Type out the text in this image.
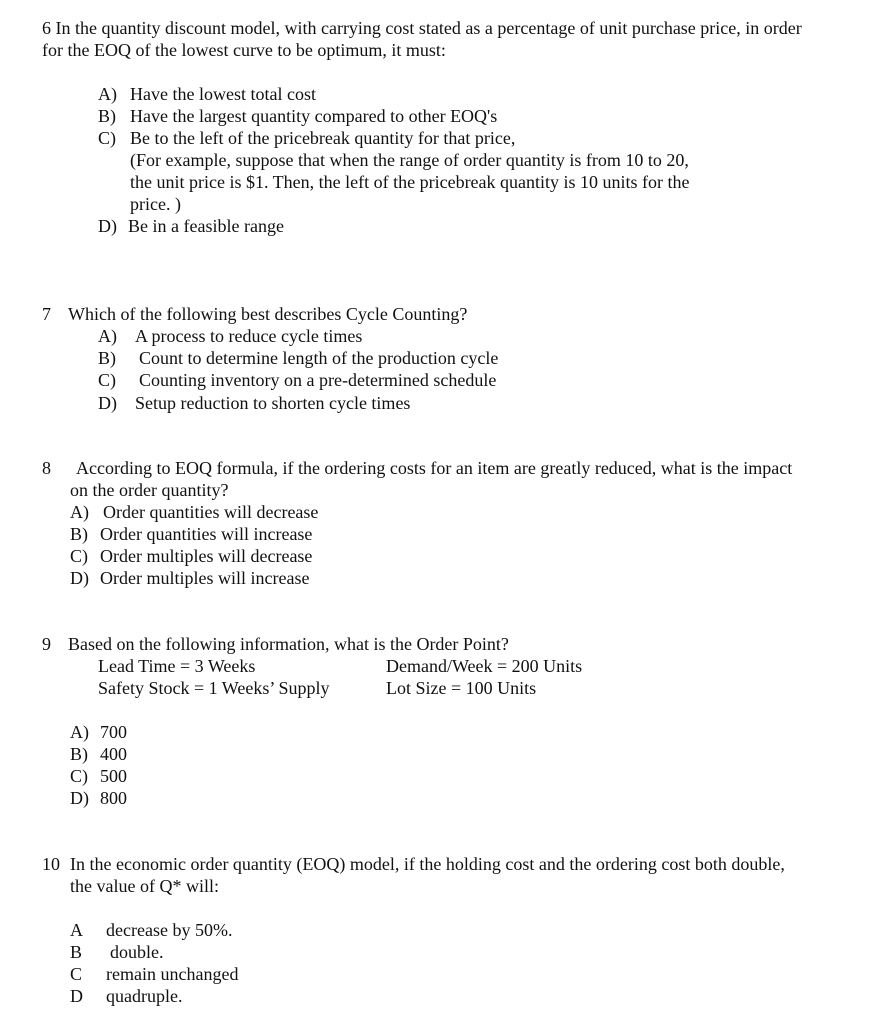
6 In the quantity discount model, with carrying cost stated as a percentage of unit purchase price, in order
for the EOQ of the lowest curve to be optimum, it must:
A) Have the lowest total cost
B) Have the largest quantity compared to other EOQ's
C) Be to the left of the pricebreak quantity for that price,
(For example, suppose that when the range of order quantity is from 10 to 20,
the unit price is $1. Then, the left of the pricebreak quantity is 10 units for the
price. )
D) Be in a feasible range
7 Which of the following best describes Cycle Counting?
A) A process to reduce cycle times
B) Count to determine length of the production cycle
C) Counting inventory on a pre-determined schedule
D) Setup reduction to shorten cycle times
8 According to EOQ formula, if the ordering costs for an item are greatly reduced, what is the impact
on the order quantity?
A) Order quantities will decrease
B) Order quantities will increase
C) Order multiples will decrease
D) Order multiples will increase
9 Based on the following information, what is the Order Point?
Lead Time = 3 Weeks	Demand/Week = 200 Units
Safety Stock = 1 Weeks’ Supply	Lot Size = 100 Units
A) 700
B) 400
C) 500
D) 800
10 In the economic order quantity (EOQ) model, if the holding cost and the ordering cost both double,
the value of Q* will:
A decrease by 50%.
B double.
C remain unchanged
D quadruple.
